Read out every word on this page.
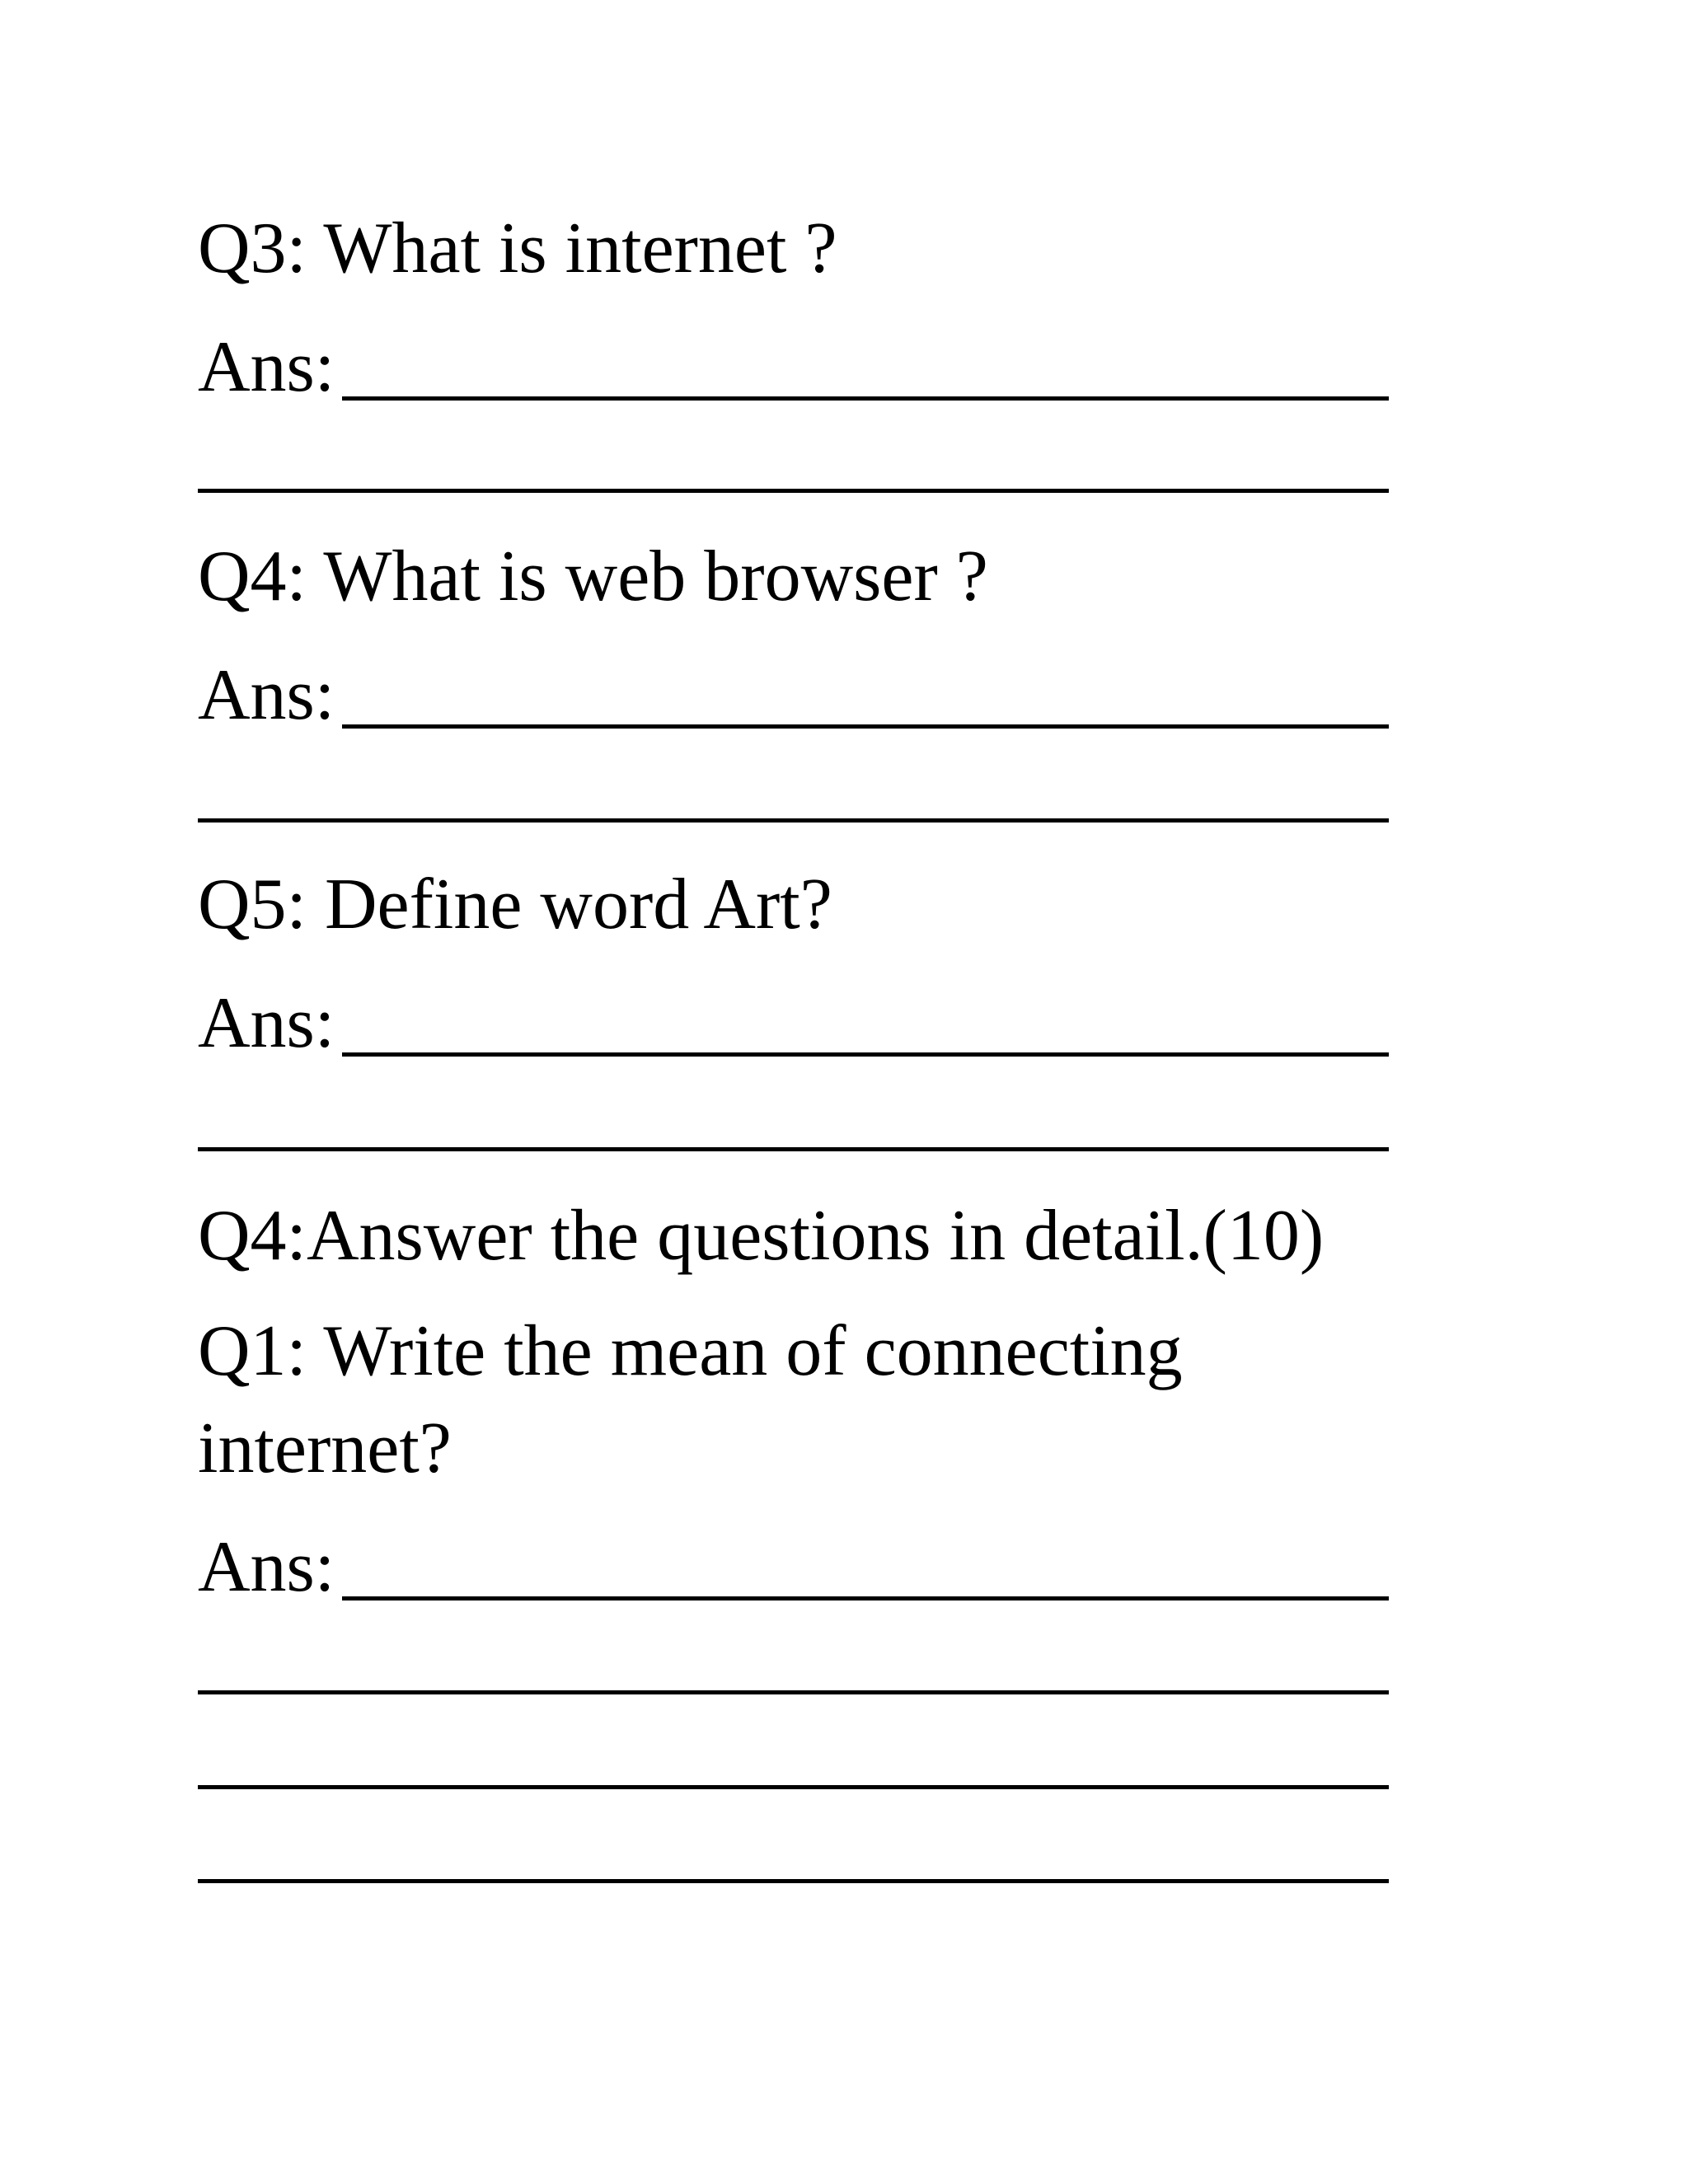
Q3: What is internet ?
Ans:
Q4: What is web browser ?
Ans:
Q5: Define word Art?
Ans:
Q4:Answer the questions in detail.(10)
Q1: Write the mean of connecting
internet?
Ans:
